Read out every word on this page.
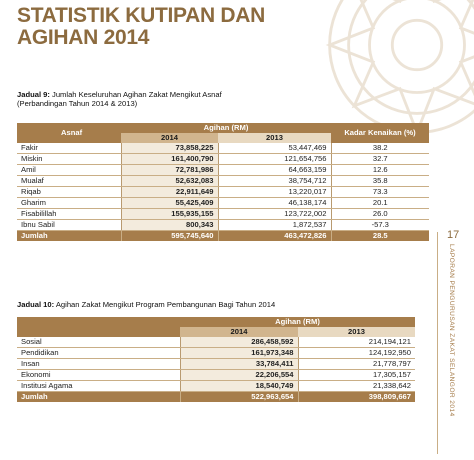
STATISTIK KUTIPAN DAN
AGIHAN 2014
Jadual 9: Jumlah Keseluruhan Agihan Zakat Mengikut Asnaf
(Perbandingan Tahun 2014 & 2013)
Asnaf	Agihan (RM)		Kadar Kenaikan (%)
	2014	2013	
Fakir	73,858,225	53,447,469	38.2
Miskin	161,400,790	121,654,756	32.7
Amil	72,781,986	64,663,159	12.6
Mualaf	52,632,083	38,754,712	35.8
Riqab	22,911,649	13,220,017	73.3
Gharim	55,425,409	46,138,174	20.1
Fisabilillah	155,935,155	123,722,002	26.0
Ibnu Sabil	800,343	1,872,537	-57.3
Jumlah	595,745,640	463,472,826	28.5
Jadual 10: Agihan Zakat Mengikut Program Pembangunan Bagi Tahun 2014
	Agihan (RM)	
	2014	2013
Sosial	286,458,592	214,194,121
Pendidikan	161,973,348	124,192,950
Insan	33,784,411	21,778,797
Ekonomi	22,206,554	17,305,157
Institusi Agama	18,540,749	21,338,642
Jumlah	522,963,654	398,809,667
17
LAPORAN PENGURUSAN ZAKAT SELANGOR 2014
